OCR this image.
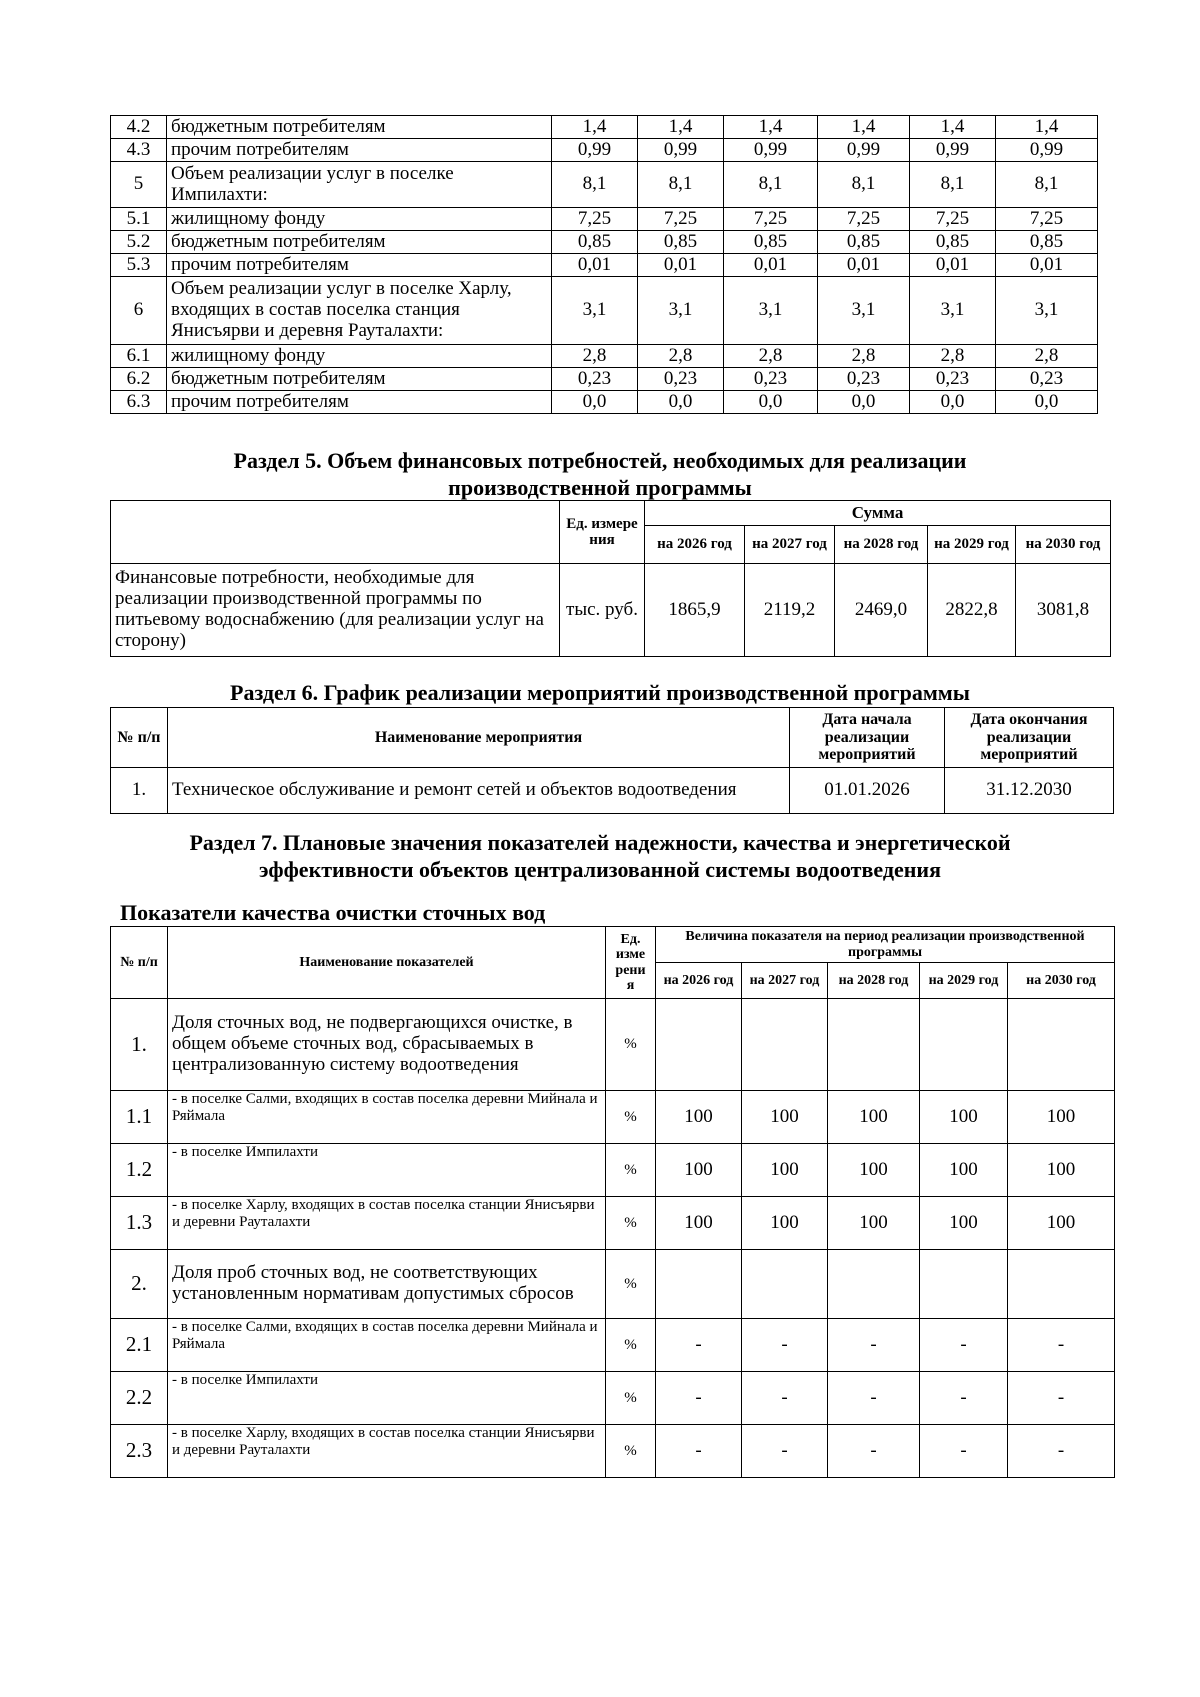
4.2	бюджетным потребителям	1,4	1,4	1,4	1,4	1,4	1,4
4.3	прочим потребителям	0,99	0,99	0,99	0,99	0,99	0,99
5	Объем реализации услуг в поселке Импилахти:	8,1	8,1	8,1	8,1	8,1	8,1
5.1	жилищному фонду	7,25	7,25	7,25	7,25	7,25	7,25
5.2	бюджетным потребителям	0,85	0,85	0,85	0,85	0,85	0,85
5.3	прочим потребителям	0,01	0,01	0,01	0,01	0,01	0,01
6	Объем реализации услуг в поселке Харлу, входящих в состав поселка станция Янисъярви и деревня Рауталахти:	3,1	3,1	3,1	3,1	3,1	3,1
6.1	жилищному фонду	2,8	2,8	2,8	2,8	2,8	2,8
6.2	бюджетным потребителям	0,23	0,23	0,23	0,23	0,23	0,23
6.3	прочим потребителям	0,0	0,0	0,0	0,0	0,0	0,0
Раздел 5. Объем финансовых потребностей, необходимых для реализации
производственной программы
	Ед. измере ния	Сумма				
		на 2026 год	на 2027 год	на 2028 год	на 2029 год	на 2030 год
Финансовые потребности, необходимые для реализации производственной программы по питьевому водоснабжению (для реализации услуг на сторону)	тыс. руб.	1865,9	2119,2	2469,0	2822,8	3081,8
Раздел 6. График реализации мероприятий производственной программы
№ п/п	Наименование мероприятия	Дата начала реализации мероприятий	Дата окончания реализации мероприятий
1.	Техническое обслуживание и ремонт сетей и объектов водоотведения	01.01.2026	31.12.2030
Раздел 7. Плановые значения показателей надежности, качества и энергетической
эффективности объектов централизованной системы водоотведения
Показатели качества очистки сточных вод
№ п/п	Наименование показателей	Ед. изме рени я	Величина показателя на период реализации производственной программы				
			на 2026 год	на 2027 год	на 2028 год	на 2029 год	на 2030 год
1.	Доля сточных вод, не подвергающихся очистке, в общем объеме сточных вод, сбрасываемых в централизованную систему водоотведения	%					
1.1	- в поселке Салми, входящих в состав поселка деревни Мийнала и Ряймала	%	100	100	100	100	100
1.2	- в поселке Импилахти	%	100	100	100	100	100
1.3	- в поселке Харлу, входящих в состав поселка станции Янисъярви и деревни Рауталахти	%	100	100	100	100	100
2.	Доля проб сточных вод, не соответствующих установленным нормативам допустимых сбросов	%					
2.1	- в поселке Салми, входящих в состав поселка деревни Мийнала и Ряймала	%	-	-	-	-	-
2.2	- в поселке Импилахти	%	-	-	-	-	-
2.3	- в поселке Харлу, входящих в состав поселка станции Янисъярви и деревни Рауталахти	%	-	-	-	-	-
